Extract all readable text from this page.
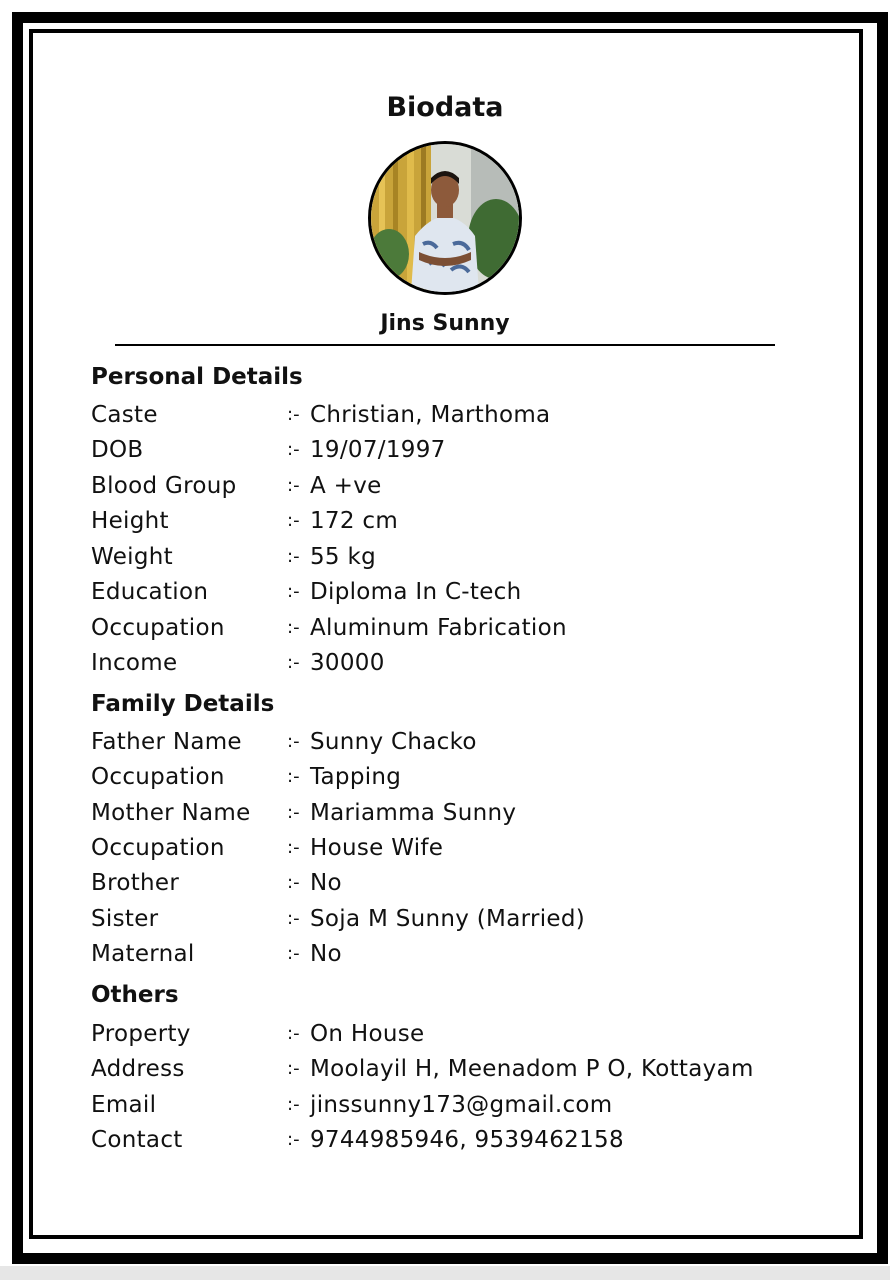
Biodata
Jins Sunny
Personal Details
Caste	:- Christian, Marthoma
DOB	:- 19/07/1997
Blood Group	:- A +ve
Height	:- 172 cm
Weight	:- 55 kg
Education	:- Diploma In C-tech
Occupation	:- Aluminum Fabrication
Income	:- 30000
Family Details
Father Name	:- Sunny Chacko
Occupation	:- Tapping
Mother Name :- Mariamma Sunny
Occupation	:- House Wife
Brother	:- No
Sister	:- Soja M Sunny (Married)
Maternal	:- No
Others
Property	:- On House
Address	:- Moolayil H, Meenadom P O, Kottayam
Email	:- jinssunny173@gmail.com
Contact	:- 9744985946, 9539462158
